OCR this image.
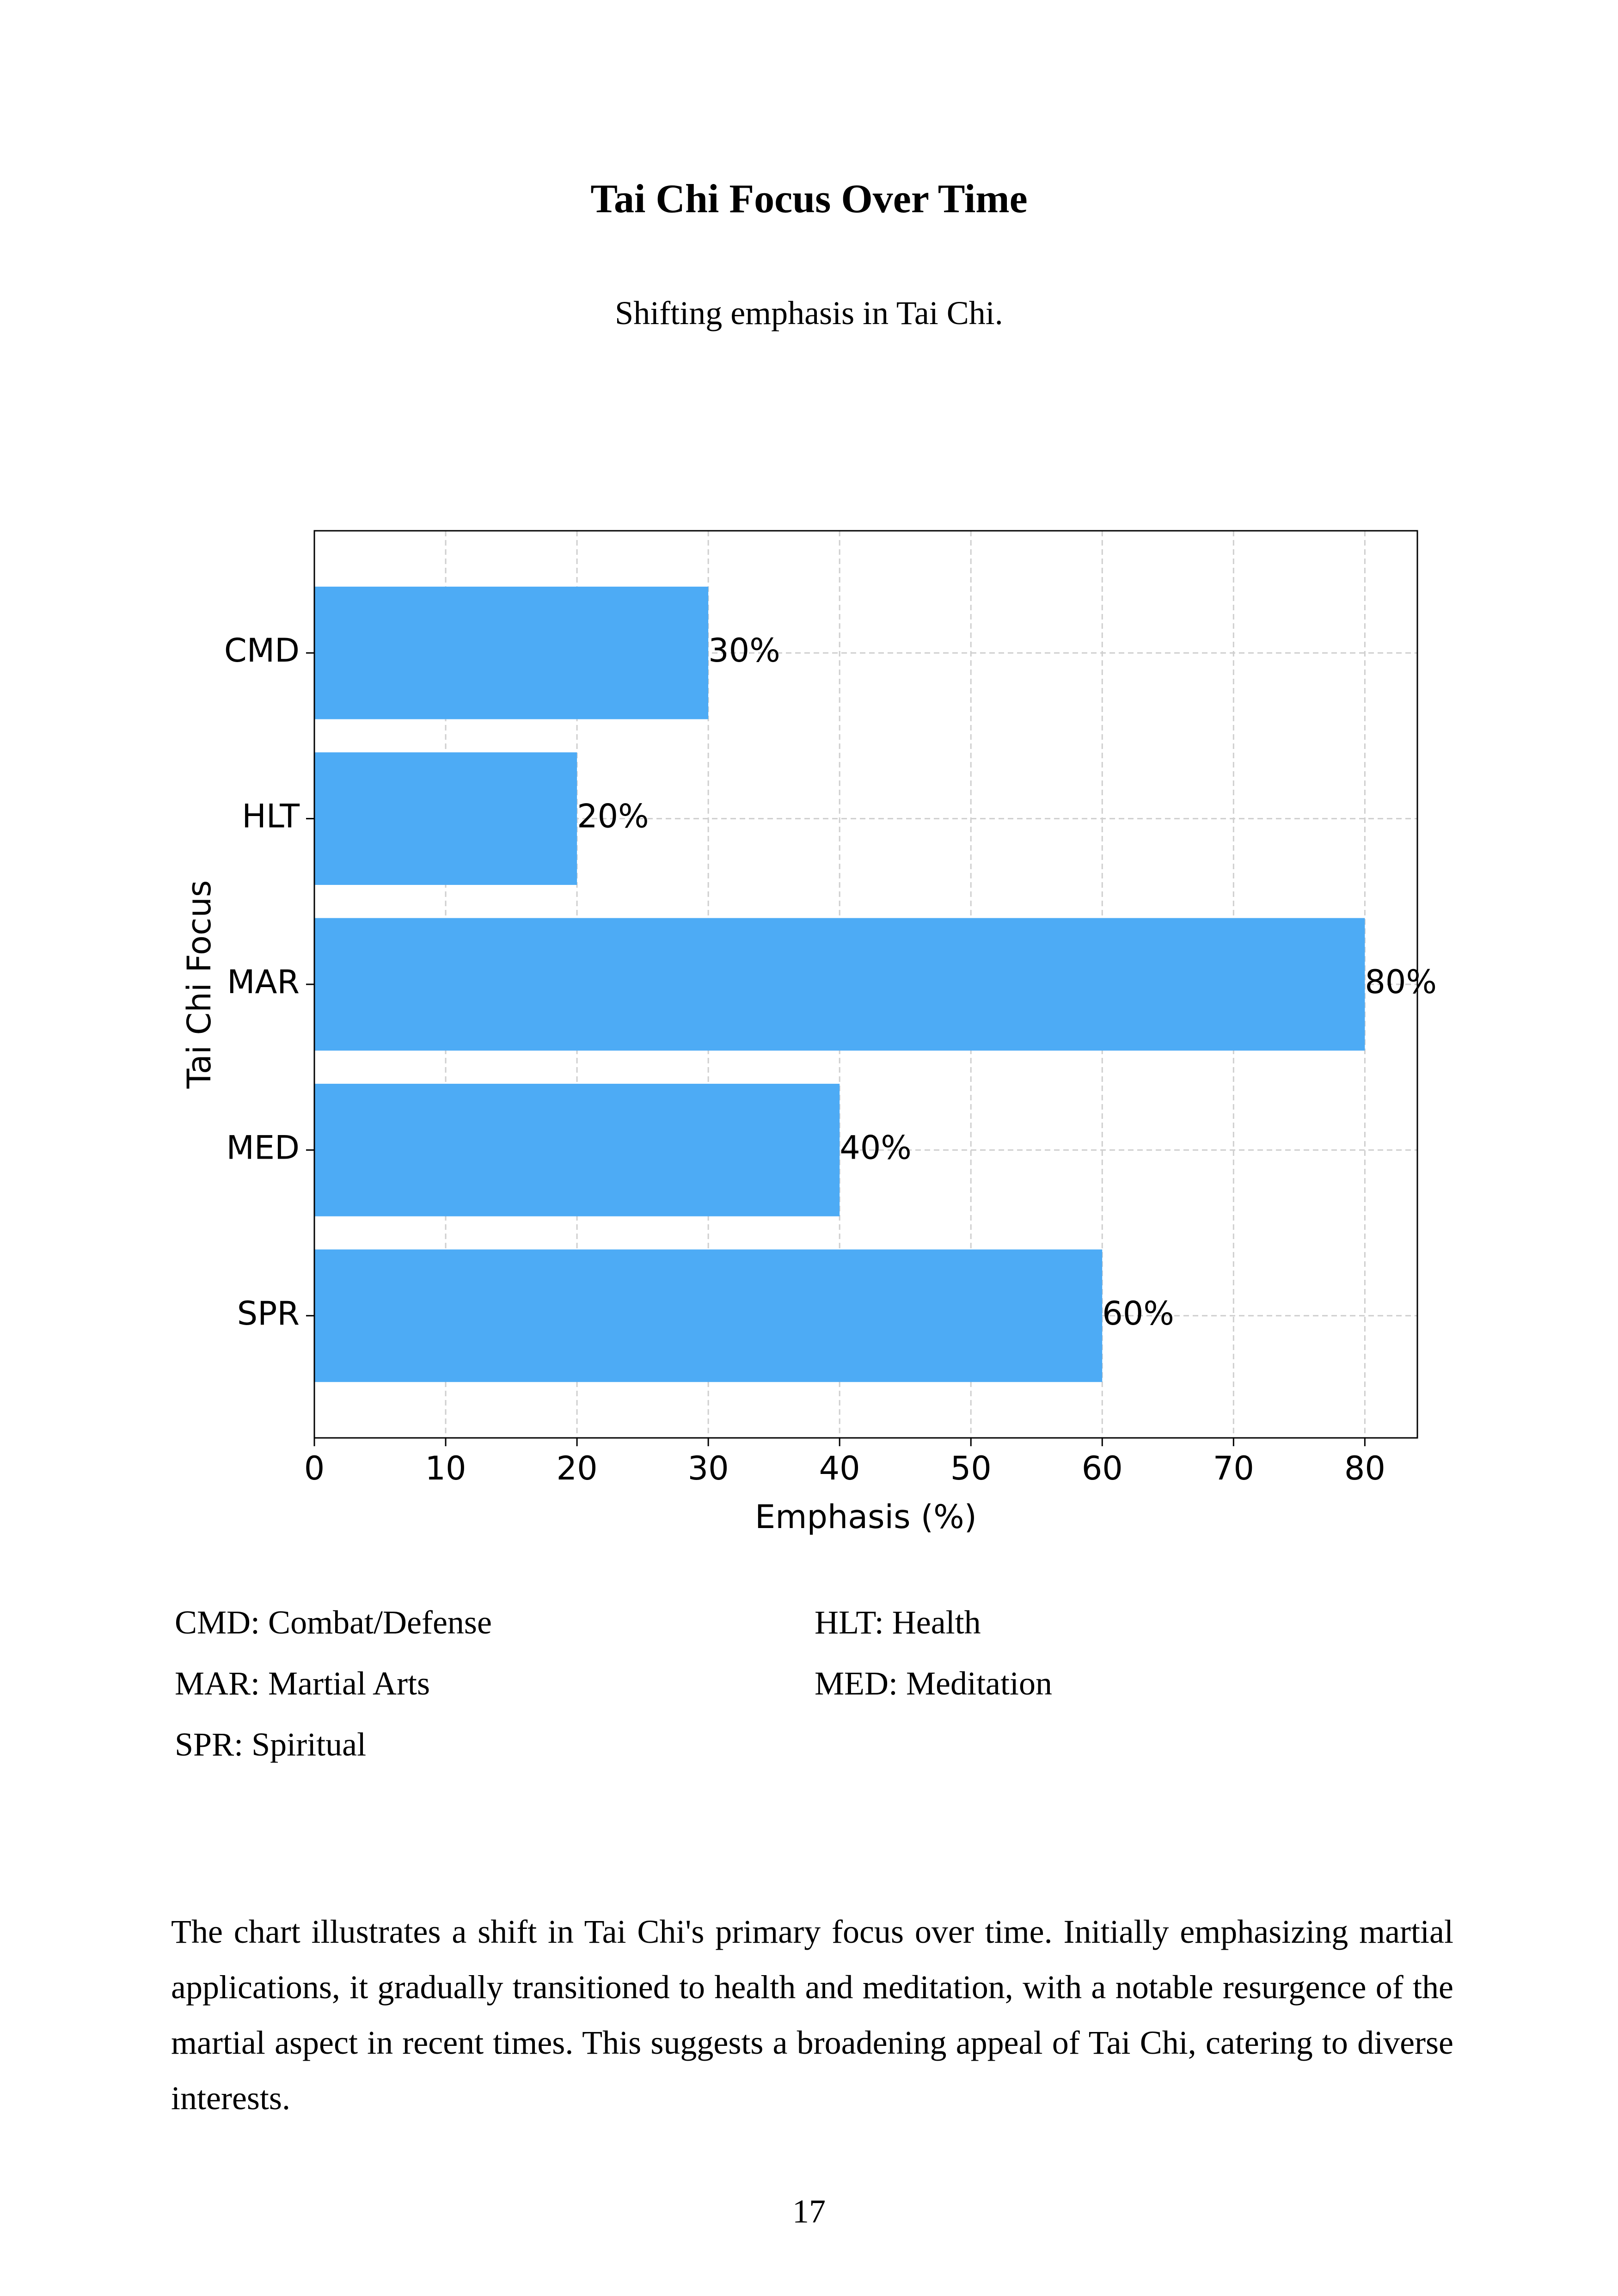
Tai Chi Focus Over Time
Shifting emphasis in Tai Chi.
30%
20%
80%
40%
60%
0	10	20	30	40	50	60	70	80
CMD
HLT
MAR
MED
SPR
Emphasis (%)
Tai Chi Focus
CMD: Combat/Defense	HLT: Health
MAR: Martial Arts	MED: Meditation
SPR: Spiritual
The chart illustrates a shift in Tai Chi's primary focus over time. Initially emphasizing martial applications, it gradually transitioned to health and meditation, with a notable resurgence of the martial aspect in recent times. This suggests a broadening appeal of Tai Chi, catering to diverse interests.
17
